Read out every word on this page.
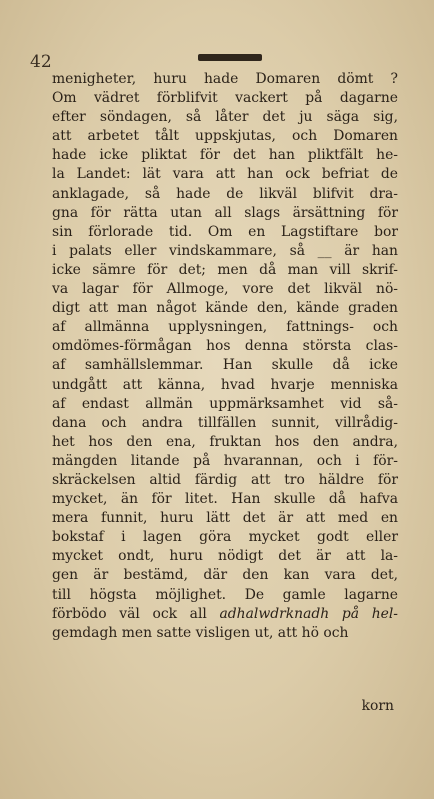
42
menigheter, huru hade Domaren dömt ?
Om vädret förblifvit vackert på dagarne
efter söndagen, så låter det ju säga sig,
att arbetet tålt uppskjutas, och Domaren
hade icke pliktat för det han pliktfält he-
la Landet: lät vara att han ock befriat de
anklagade, så hade de likväl blifvit dra-
gna för rätta utan all slags ärsättning för
sin förlorade tid. Om en Lagstiftare bor
i palats eller vindskammare, så __ är han
icke sämre för det; men då man vill skrif-
va lagar för Allmoge, vore det likväl nö-
digt att man något kände den, kände graden
af allmänna upplysningen, fattnings- och
omdömes-förmågan hos denna största clas-
af samhällslemmar. Han skulle då icke
undgått att känna, hvad hvarje menniska
af endast allmän uppmärksamhet vid så-
dana och andra tillfällen sunnit, villrådig-
het hos den ena, fruktan hos den andra,
mängden litande på hvarannan, och i för-
skräckelsen altid färdig att tro häldre för
mycket, än för litet. Han skulle då hafva
mera funnit, huru lätt det är att med en
bokstaf i lagen göra mycket godt eller
mycket ondt, huru nödigt det är att la-
gen är bestämd, där den kan vara det,
till högsta möjlighet. De gamle lagarne
förbödo väl ock all adhalwdrknadh på hel-
gemdagh men satte visligen ut, att hö och
korn
